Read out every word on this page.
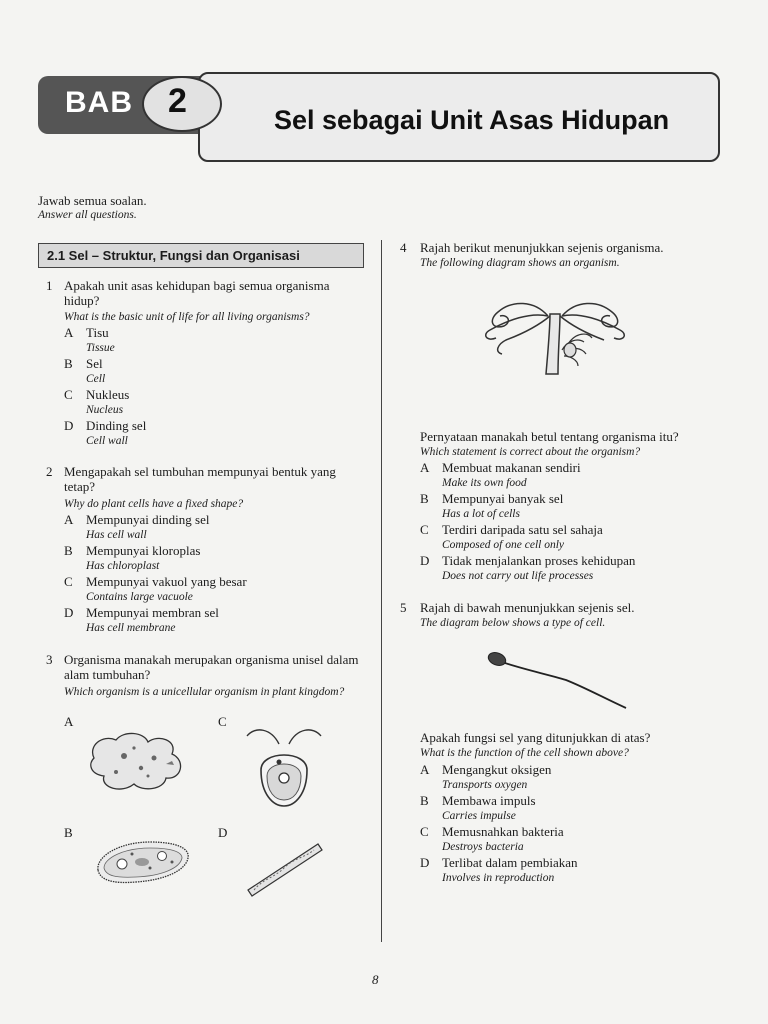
BAB 2	Sel sebagai Unit Asas Hidupan
Jawab semua soalan.
Answer all questions.
2.1 Sel – Struktur, Fungsi dan Organisasi
1 Apakah unit asas kehidupan bagi semua organisma hidup?
What is the basic unit of life for all living organisms?
A Tisu
Tissue
B Sel
Cell
C Nukleus
Nucleus
D Dinding sel
Cell wall
2 Mengapakah sel tumbuhan mempunyai bentuk yang tetap?
Why do plant cells have a fixed shape?
A Mempunyai dinding sel
Has cell wall
B Mempunyai kloroplas
Has chloroplast
C Mempunyai vakuol yang besar
Contains large vacuole
D Mempunyai membran sel
Has cell membrane
3 Organisma manakah merupakan organisma unisel dalam alam tumbuhan?
Which organism is a unicellular organism in plant kingdom?
A	C
B	D
4 Rajah berikut menunjukkan sejenis organisma.
The following diagram shows an organism.
Pernyataan manakah betul tentang organisma itu?
Which statement is correct about the organism?
A Membuat makanan sendiri
Make its own food
B Mempunyai banyak sel
Has a lot of cells
C Terdiri daripada satu sel sahaja
Composed of one cell only
D Tidak menjalankan proses kehidupan
Does not carry out life processes
5 Rajah di bawah menunjukkan sejenis sel.
The diagram below shows a type of cell.
Apakah fungsi sel yang ditunjukkan di atas?
What is the function of the cell shown above?
A Mengangkut oksigen
Transports oxygen
B Membawa impuls
Carries impulse
C Memusnahkan bakteria
Destroys bacteria
D Terlibat dalam pembiakan
Involves in reproduction
8
